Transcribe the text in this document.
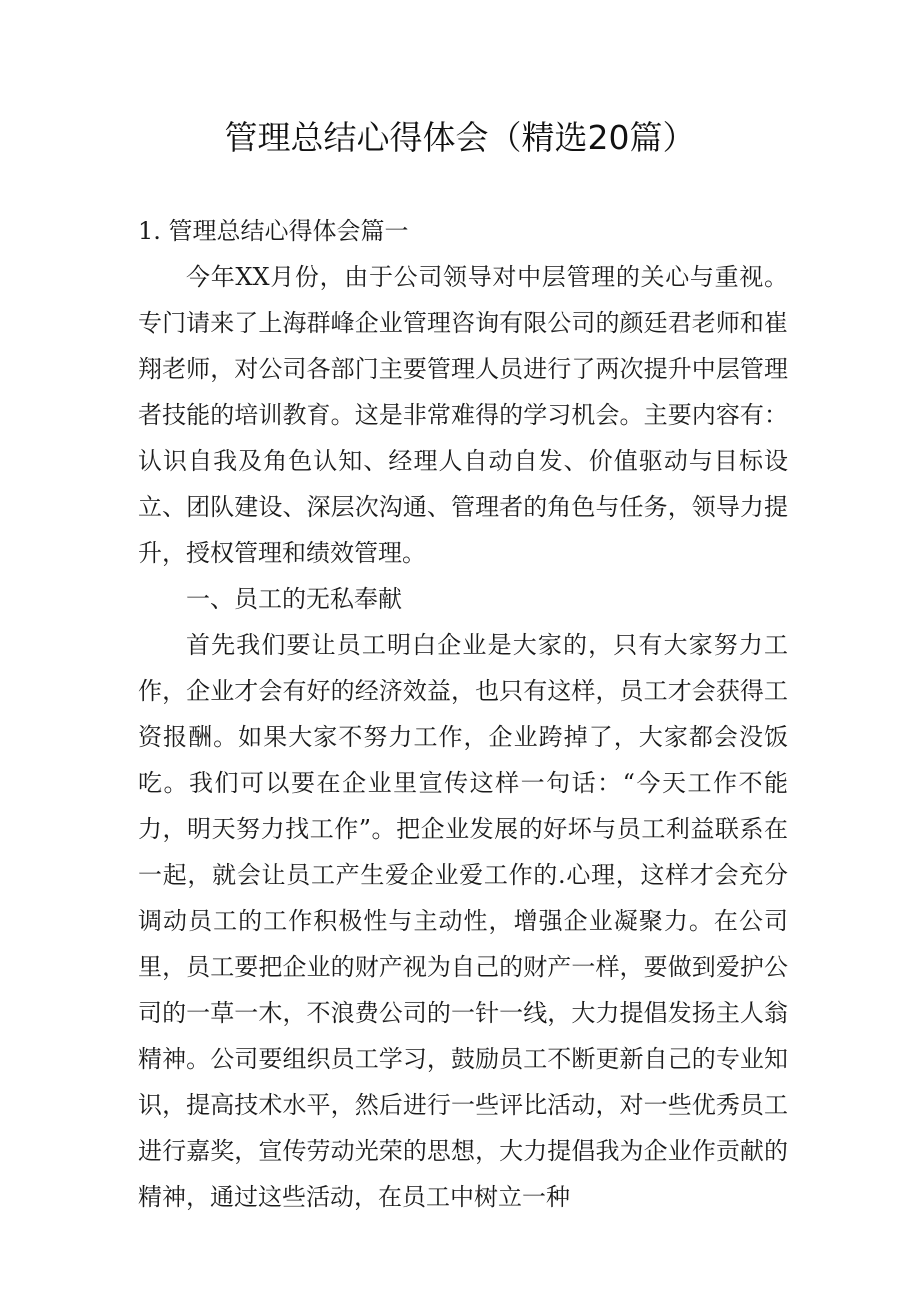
管理总结心得体会（精选20篇）

1. 管理总结心得体会篇一

今年XX月份，由于公司领导对中层管理的关心与重视。专门请来了上海群峰企业管理咨询有限公司的颜廷君老师和崔翔老师，对公司各部门主要管理人员进行了两次提升中层管理者技能的培训教育。这是非常难得的学习机会。主要内容有：认识自我及角色认知、经理人自动自发、价值驱动与目标设立、团队建设、深层次沟通、管理者的角色与任务，领导力提升，授权管理和绩效管理。

一、员工的无私奉献

首先我们要让员工明白企业是大家的，只有大家努力工作，企业才会有好的经济效益，也只有这样，员工才会获得工资报酬。如果大家不努力工作，企业跨掉了，大家都会没饭吃。我们可以要在企业里宣传这样一句话：“今天工作不能力，明天努力找工作”。把企业发展的好坏与员工利益联系在一起，就会让员工产生爱企业爱工作的.心理，这样才会充分调动员工的工作积极性与主动性，增强企业凝聚力。在公司里，员工要把企业的财产视为自己的财产一样，要做到爱护公司的一草一木，不浪费公司的一针一线，大力提倡发扬主人翁精神。公司要组织员工学习，鼓励员工不断更新自己的专业知识，提高技术水平，然后进行一些评比活动，对一些优秀员工进行嘉奖，宣传劳动光荣的思想，大力提倡我为企业作贡献的精神，通过这些活动，在员工中树立一种
